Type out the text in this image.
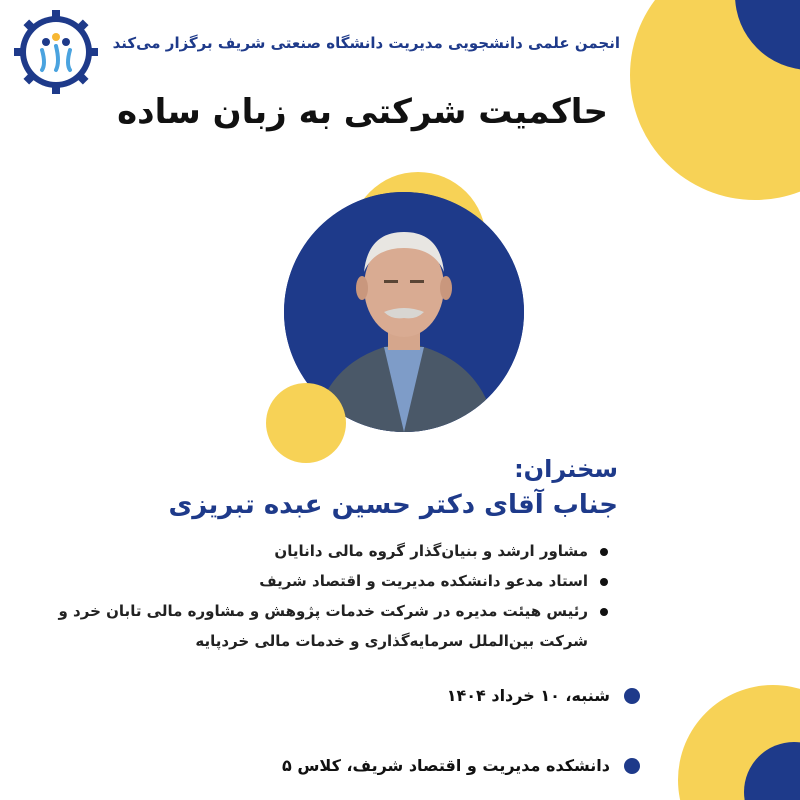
انجمن علمی دانشجویی مدیریت دانشگاه صنعتی شریف برگزار می‌کند
حاکمیت شرکتی به زبان ساده
سخنران:
جناب آقای دکتر حسین عبده تبریزی
مشاور ارشد و بنیان‌گذار گروه مالی دانایان
استاد مدعو دانشکده مدیریت و اقتصاد شریف
رئیس هیئت مدیره در شرکت خدمات پژوهش و مشاوره مالی تابان خرد و شرکت بین‌الملل سرمایه‌گذاری و خدمات مالی خردپایه
شنبه، ۱۰ خرداد ۱۴۰۴
دانشکده مدیریت و اقتصاد شریف، کلاس ۵
